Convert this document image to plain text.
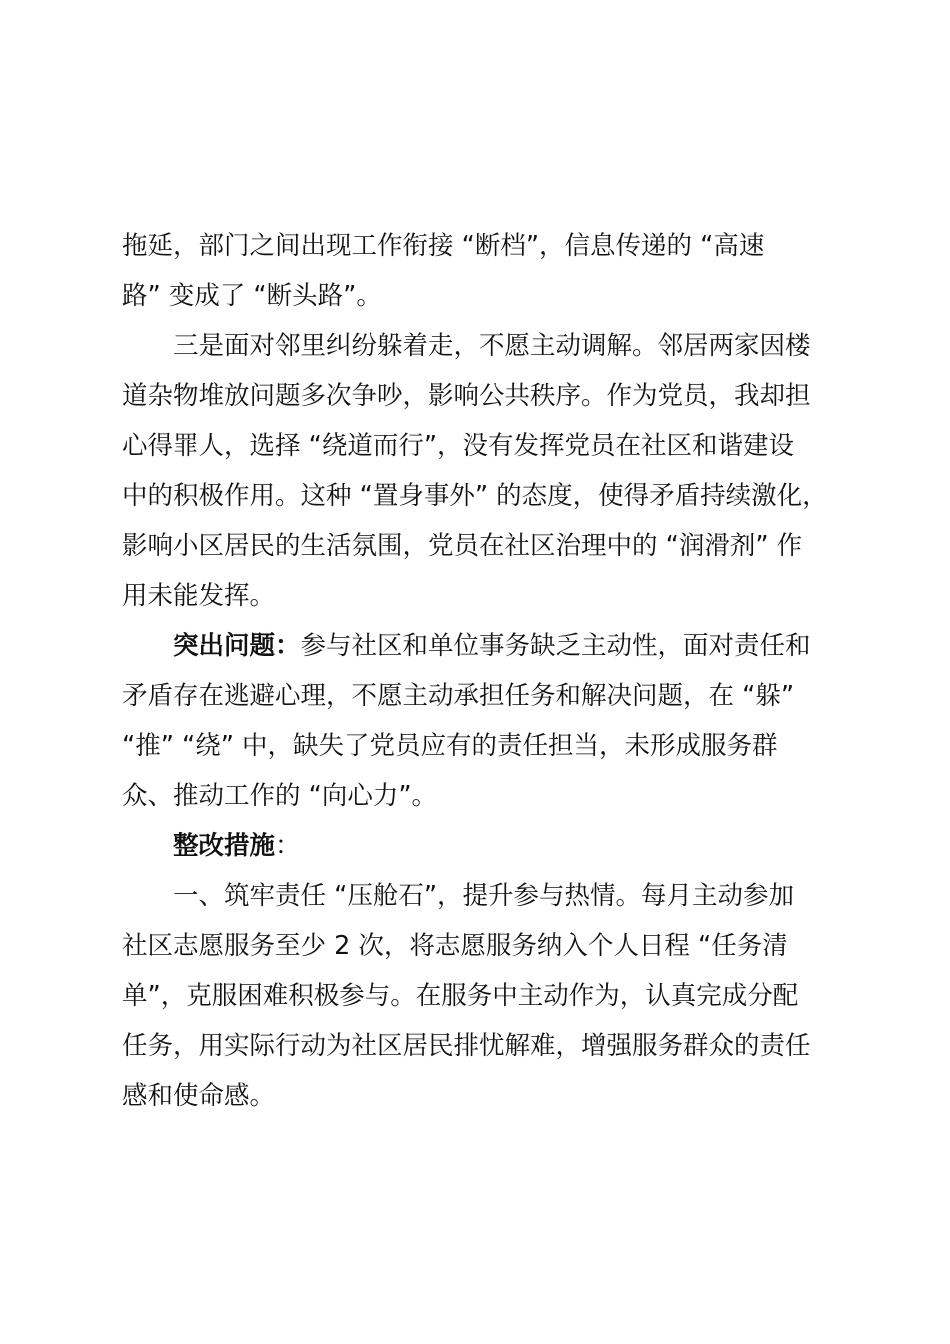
拖延，部门之间出现工作衔接 “断档”，信息传递的 “高速
路” 变成了 “断头路”。
三是面对邻里纠纷躲着走，不愿主动调解。邻居两家因楼
道杂物堆放问题多次争吵，影响公共秩序。作为党员，我却担
心得罪人，选择 “绕道而行”，没有发挥党员在社区和谐建设
中的积极作用。这种 “置身事外” 的态度，使得矛盾持续激化，
影响小区居民的生活氛围，党员在社区治理中的 “润滑剂” 作
用未能发挥。
突出问题：参与社区和单位事务缺乏主动性，面对责任和
矛盾存在逃避心理，不愿主动承担任务和解决问题，在 “躲”
“推” “绕” 中，缺失了党员应有的责任担当，未形成服务群
众、推动工作的 “向心力”。
整改措施：
一、筑牢责任 “压舱石”，提升参与热情。每月主动参加
社区志愿服务至少 2 次，将志愿服务纳入个人日程 “任务清
单”，克服困难积极参与。在服务中主动作为，认真完成分配
任务，用实际行动为社区居民排忧解难，增强服务群众的责任
感和使命感。
